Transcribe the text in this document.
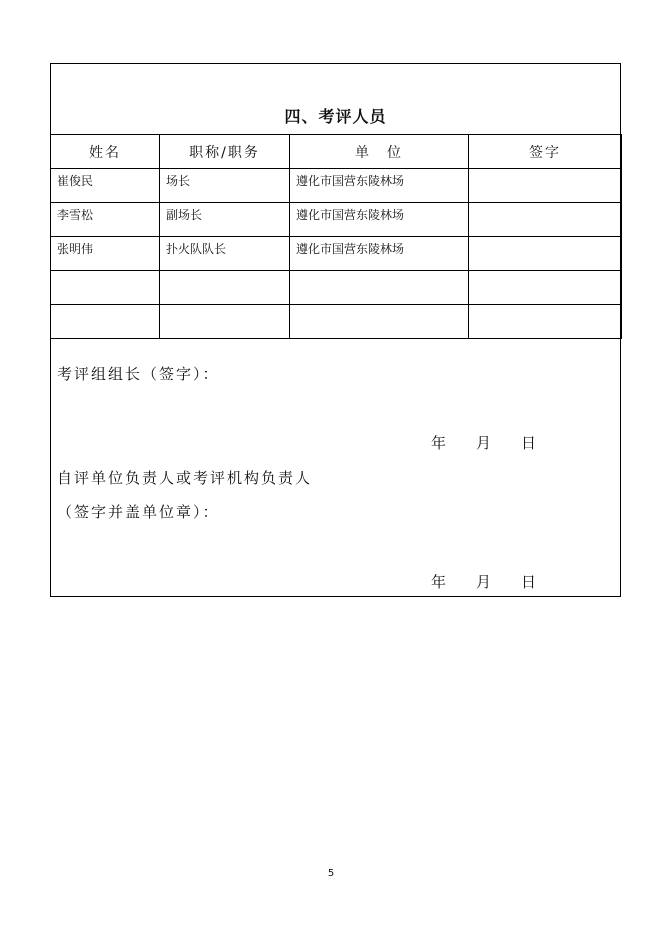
四、考评人员
姓名	职称/职务	单　位	签字
崔俊民	场长	遵化市国营东陵林场	
李雪松	副场长	遵化市国营东陵林场	
张明伟	扑火队队长	遵化市国营东陵林场	

考评组组长（签字）：
年 月 日
自评单位负责人或考评机构负责人
（签字并盖单位章）：
年 月 日
5
